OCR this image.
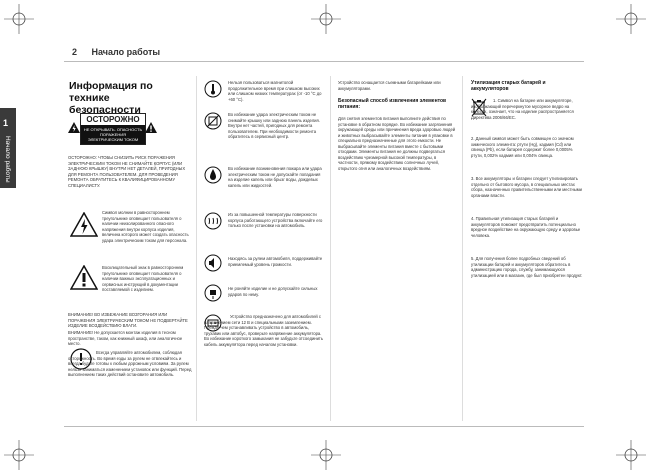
2 Начало работы
1
Начало работы
Информация по технике безопасности
ОСТОРОЖНО
НЕ ОТКРЫВАТЬ. ОПАСНОСТЬ ПОРАЖЕНИЯ ЭЛЕКТРИЧЕСКИМ ТОКОМ
ОСТОРОЖНО: ЧТОБЫ СНИЗИТЬ РИСК ПОРАЖЕНИЯ ЭЛЕКТРИЧЕСКИМ ТОКОМ НЕ СНИМАЙТЕ КОРПУС (ИЛИ ЗАДНЮЮ КРЫШКУ) ВНУТРИ НЕТ ДЕТАЛЕЙ, ПРИГОДНЫХ ДЛЯ РЕМОНТА ПОЛЬЗОВАТЕЛЕМ. ДЛЯ ПРОВЕДЕНИЯ РЕМОНТА ОБРАТИТЕСЬ К КВАЛИФИЦИРОВАННОМУ СПЕЦИАЛИСТУ.
Символ молнии в равностороннем треугольнике оповещает пользователя о наличии неизолированного опасного напряжения внутри корпуса изделия, величина которого может создать опасность удара электрическим током для персонала.
Восклицательный знак в равностороннем треугольнике оповещает пользователя о наличии важных эксплуатационных и сервисных инструкций в документации поставляемой с изделием.
ВНИМАНИЕ! ВО ИЗБЕЖАНИЕ ВОЗГОРАНИЯ ИЛИ ПОРАЖЕНИЯ ЭЛЕКТРИЧЕСКИМ ТОКОМ НЕ ПОДВЕРГАЙТЕ ИЗДЕЛИЕ ВОЗДЕЙСТВИЮ ВЛАГИ.
ВНИМАНИЕ! Не допускается монтаж изделия в тесном пространстве, таком, как книжный шкаф, или аналогичное место.
Всегда управляйте автомобилем, соблюдая осторожность. Во время езды за рулем не отвлекайтесь и всегда будьте готовы к любым дорожным условиям. За рулем нельзя заниматься изменением установок или функций. Перед выполнением таких действий остановите автомобиль.
Нельзя пользоваться магнитолой продолжительное время при слишком высоких или слишком низких температурах (от -10 °C до +60 °C).
Во избежание удара электрическим током не снимайте крышку или заднюю панель изделия. Внутри нет частей, пригодных для ремонта пользователем. При необходимости ремонта обратитесь в сервисный центр.
Во избежание возникновения пожара или удара электрическим током не допускайте попадания на изделие капель или брызг воды, дождевых капель или жидкостей.
Из за повышенной температуры поверхности корпуса работающего устройства включайте его только после установки на автомобиль.
Находясь за рулем автомобиля, поддерживайте приемлемый уровень громкости.
Не роняйте изделие и не допускайте сильных ударов по нему.
Устройство предназначено для автомобилей с напряжением сети 12 В и специальными заземлением. Прежде чем устанавливать устройство в автомобиль, трухавик или автобус, проверьте напряжение аккумулятора. Во избежание короткого замыкания не забудьте отсоединить кабель аккумулятора перед началом установки.
Устройство оснащается съемными батарейками или аккумуляторами.
Безопасный способ извлечения элементов питания:
Для снятия элементов питания выполните действия по установке в обратном порядке. Во избежание загрязнения окружающей среды или причинения вреда здоровью людей и животных выбрасывайте элементы питания в упаковке в специально предназначенные для этого емкости. Не выбрасывайте элементы питания вместе с бытовыми отходами. Элементы питания не должны подвергаться воздействию чрезмерной высокой температуры, в частности, прямому воздействию солнечных лучей, открытого огня или аналогичных воздействиям.
Утилизация старых батарей и аккумуляторов
1. Символ на батарее или аккумуляторе, изображающий перечеркнутое мусорное ведро на колесах, означает, что на изделие распространяется Директива 2006/66/EC.
2. Данный символ может быть совмещен со значком химического элемента: ртути (Hg), кадмия (Cd) или свинца (Pb), если батарея содержит более 0,0005% ртути, 0,002% кадмия или 0,004% свинца.
3. Все аккумуляторы и батареи следует утилизировать отдельно от бытового мусора, в специальных местах сбора, назначенных правительственными или местными органами власти.
4. Правильная утилизация старых батарей и аккумуляторов поможет предотвратить потенциально вредное воздействие на окружающую среду и здоровье человека.
5. Для получения более подробных сведений об утилизации батарей и аккумуляторов обратитесь в администрацию города, службу, занимающуюся утилизацией или в магазин, где был приобретен продукт.
